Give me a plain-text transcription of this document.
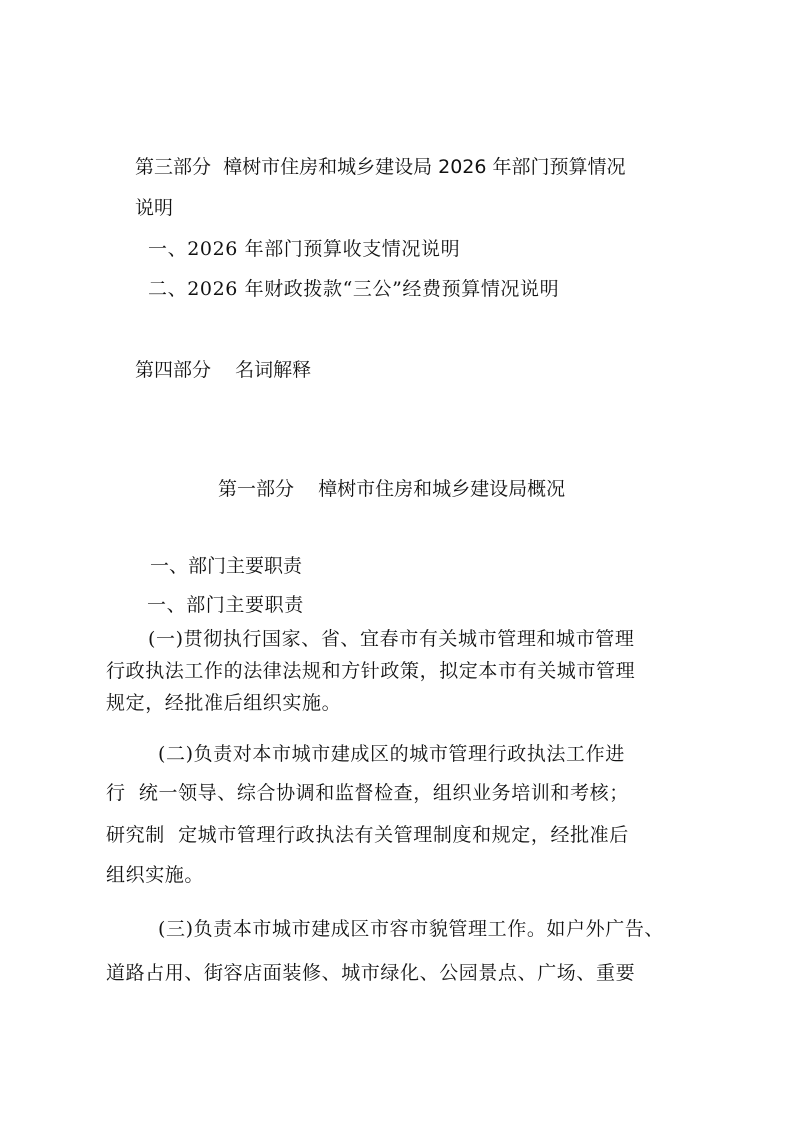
第三部分  樟树市住房和城乡建设局 2026 年部门预算情况

说明

一、2026 年部门预算收支情况说明

二、2026 年财政拨款“三公”经费预算情况说明

第四部分    名词解释

第一部分    樟树市住房和城乡建设局概况

一、部门主要职责

一、部门主要职责

(一)贯彻执行国家、省、宜春市有关城市管理和城市管理

行政执法工作的法律法规和方针政策，拟定本市有关城市管理

规定，经批准后组织实施。

(二)负责对本市城市建成区的城市管理行政执法工作进

行  统一领导、综合协调和监督检查，组织业务培训和考核；

研究制  定城市管理行政执法有关管理制度和规定，经批准后

组织实施。

(三)负责本市城市建成区市容市貌管理工作。如户外广告、

道路占用、街容店面装修、城市绿化、公园景点、广场、重要
